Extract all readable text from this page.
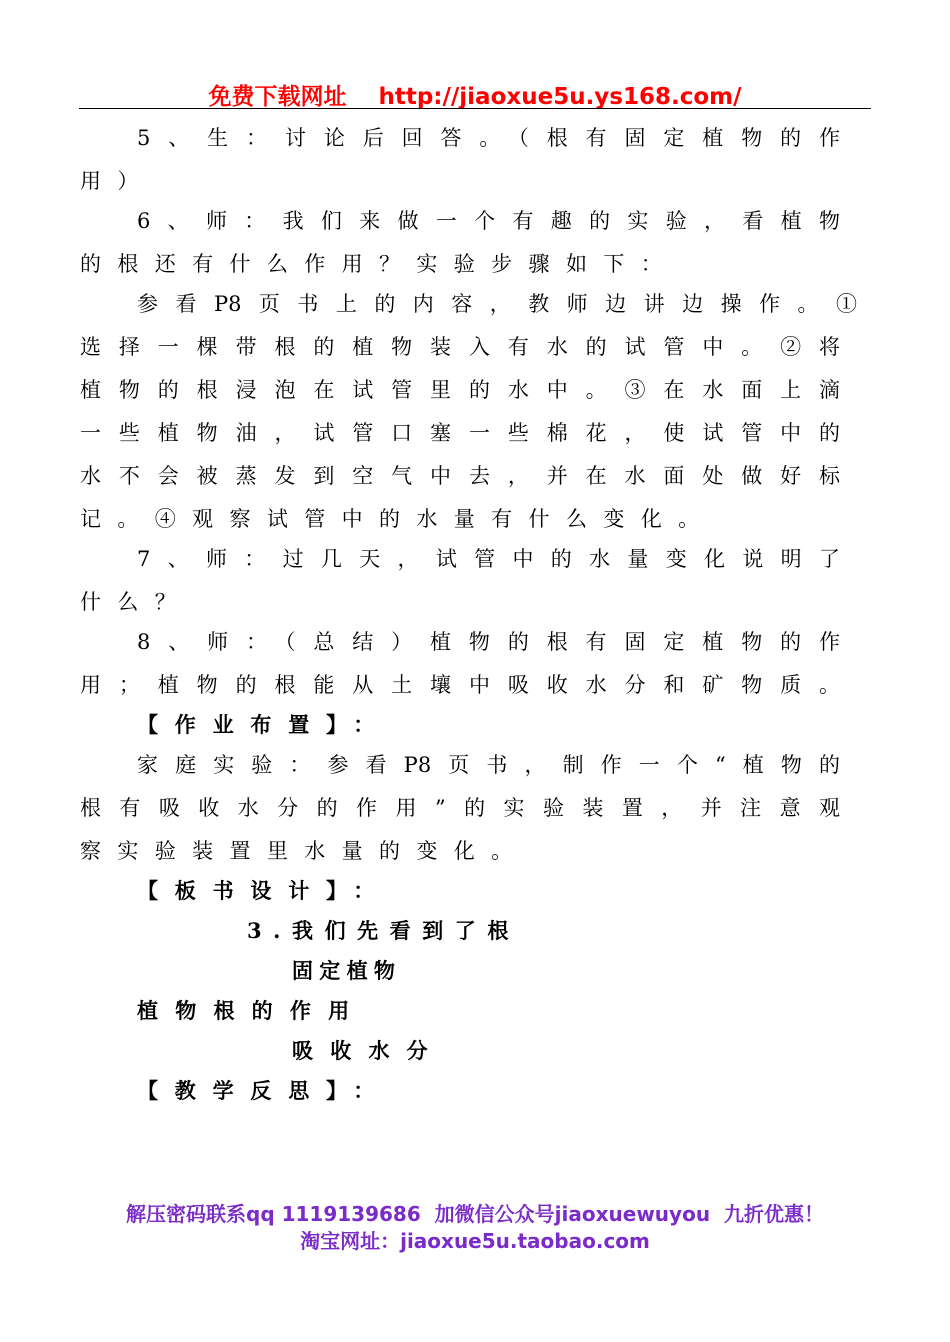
免费下载网址    http://jiaoxue5u.ys168.com/
5、生：讨论后回答。（根有固定植物的作
用）
6、师：我们来做一个有趣的实验，看植物
的根还有什么作用？实验步骤如下：
参看P8页书上的内容，教师边讲边操作。①
选择一棵带根的植物装入有水的试管中。②将
植物的根浸泡在试管里的水中。③在水面上滴
一些植物油，试管口塞一些棉花，使试管中的
水不会被蒸发到空气中去，并在水面处做好标
记。④观察试管中的水量有什么变化。
7、师：过几天，试管中的水量变化说明了
什么？
8、师：（总结）植物的根有固定植物的作
用；植物的根能从土壤中吸收水分和矿物质。
【作业布置】：
家庭实验：参看P8页书，制作一个“植物的
根有吸收水分的作用”的实验装置，并注意观
察实验装置里水量的变化。
【板书设计】：
3.我们先看到了根
固定植物
植物根的作用
吸收水分
【教学反思】：
解压密码联系qq 1119139686  加微信公众号jiaoxuewuyou  九折优惠！
淘宝网址：jiaoxue5u.taobao.com
